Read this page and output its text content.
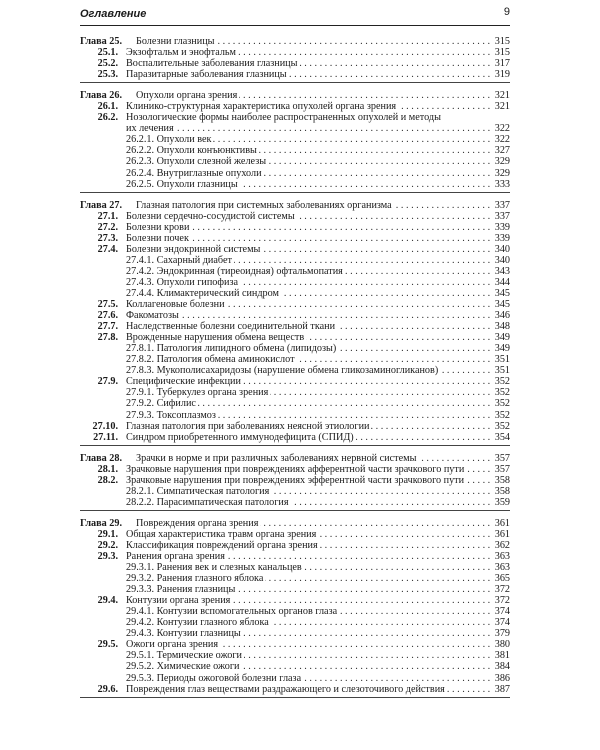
Оглавление	9
Глава 25. Болезни глазницы . . .	315
25.1. Экзофтальм и энофтальм . . .	315
25.2. Воспалительные заболевания глазницы . . .	317
25.3. Паразитарные заболевания глазницы . . .	319
Глава 26. Опухоли органа зрения . . .	321
26.1. Клинико-структурная характеристика опухолей органа зрения . . .	321
26.2. Нозологические формы наиболее распространенных опухолей и методы
их лечения . . .	322
26.2.1. Опухоли век . . .	322
26.2.2. Опухоли конъюнктивы . . .	327
26.2.3. Опухоли слезной железы . . .	329
26.2.4. Внутриглазные опухоли . . .	329
26.2.5. Опухоли глазницы . . .	333
Глава 27. Глазная патология при системных заболеваниях организма . . .	337
27.1. Болезни сердечно-сосудистой системы . . .	337
27.2. Болезни крови . . .	339
27.3. Болезни почек . . .	339
27.4. Болезни эндокринной системы . . .	340
27.4.1. Сахарный диабет . . .	340
27.4.2. Эндокринная (тиреоидная) офтальмопатия . . .	343
27.4.3. Опухоли гипофиза . . .	344
27.4.4. Климактерический синдром . . .	345
27.5. Коллагеновые болезни . . .	345
27.6. Факоматозы . . .	346
27.7. Наследственные болезни соединительной ткани . . .	348
27.8. Врожденные нарушения обмена веществ . . .	349
27.8.1. Патология липидного обмена (липидозы) . . .	349
27.8.2. Патология обмена аминокислот . . .	351
27.8.3. Мукополисахаридозы (нарушение обмена гликозаминогликанов) . . .	351
27.9. Специфические инфекции . . .	352
27.9.1. Туберкулез органа зрения . . .	352
27.9.2. Сифилис . . .	352
27.9.3. Токсоплазмоз . . .	352
27.10. Глазная патология при заболеваниях неясной этиологии . . .	352
27.11. Синдром приобретенного иммунодефицита (СПИД) . . .	354
Глава 28. Зрачки в норме и при различных заболеваниях нервной системы . . .	357
28.1. Зрачковые нарушения при повреждениях афферентной части зрачкового пути . . .	357
28.2. Зрачковые нарушения при повреждениях эфферентной части зрачкового пути . . .	358
28.2.1. Симпатическая патология . . .	358
28.2.2. Парасимпатическая патология . . .	359
Глава 29. Повреждения органа зрения . . .	361
29.1. Общая характеристика травм органа зрения . . .	361
29.2. Классификация повреждений органа зрения . . .	362
29.3. Ранения органа зрения . . .	363
29.3.1. Ранения век и слезных канальцев . . .	363
29.3.2. Ранения глазного яблока . . .	365
29.3.3. Ранения глазницы . . .	372
29.4. Контузии органа зрения . . .	372
29.4.1. Контузии вспомогательных органов глаза . . .	374
29.4.2. Контузии глазного яблока . . .	374
29.4.3. Контузии глазницы . . .	379
29.5. Ожоги органа зрения . . .	380
29.5.1. Термические ожоги . . .	381
29.5.2. Химические ожоги . . .	384
29.5.3. Периоды ожоговой болезни глаза . . .	386
29.6. Повреждения глаз веществами раздражающего и слезоточивого действия . . .	387
